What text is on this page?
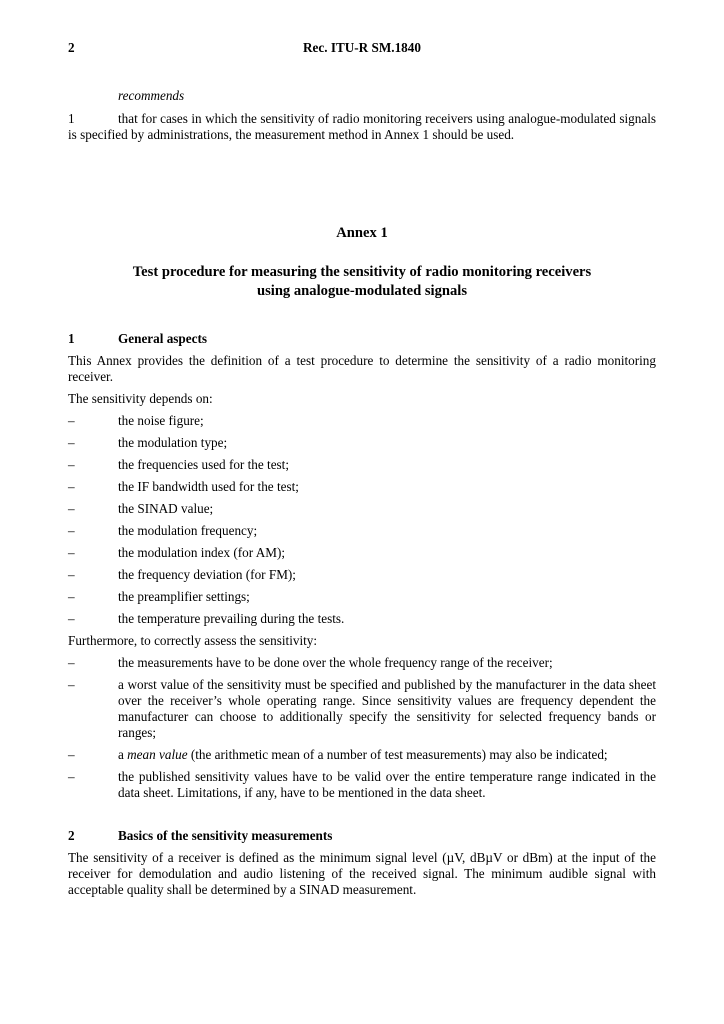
2	Rec. ITU-R SM.1840
recommends
1	that for cases in which the sensitivity of radio monitoring receivers using analogue-modulated signals is specified by administrations, the measurement method in Annex 1 should be used.
Annex 1
Test procedure for measuring the sensitivity of radio monitoring receivers
using analogue-modulated signals
1	General aspects
This Annex provides the definition of a test procedure to determine the sensitivity of a radio monitoring receiver.
The sensitivity depends on:
–	the noise figure;
–	the modulation type;
–	the frequencies used for the test;
–	the IF bandwidth used for the test;
–	the SINAD value;
–	the modulation frequency;
–	the modulation index (for AM);
–	the frequency deviation (for FM);
–	the preamplifier settings;
–	the temperature prevailing during the tests.
Furthermore, to correctly assess the sensitivity:
–	the measurements have to be done over the whole frequency range of the receiver;
–	a worst value of the sensitivity must be specified and published by the manufacturer in the data sheet over the receiver’s whole operating range. Since sensitivity values are frequency dependent the manufacturer can choose to additionally specify the sensitivity for selected frequency bands or ranges;
–	a mean value (the arithmetic mean of a number of test measurements) may also be indicated;
–	the published sensitivity values have to be valid over the entire temperature range indicated in the data sheet. Limitations, if any, have to be mentioned in the data sheet.
2	Basics of the sensitivity measurements
The sensitivity of a receiver is defined as the minimum signal level (µV, dBµV or dBm) at the input of the receiver for demodulation and audio listening of the received signal. The minimum audible signal with acceptable quality shall be determined by a SINAD measurement.
